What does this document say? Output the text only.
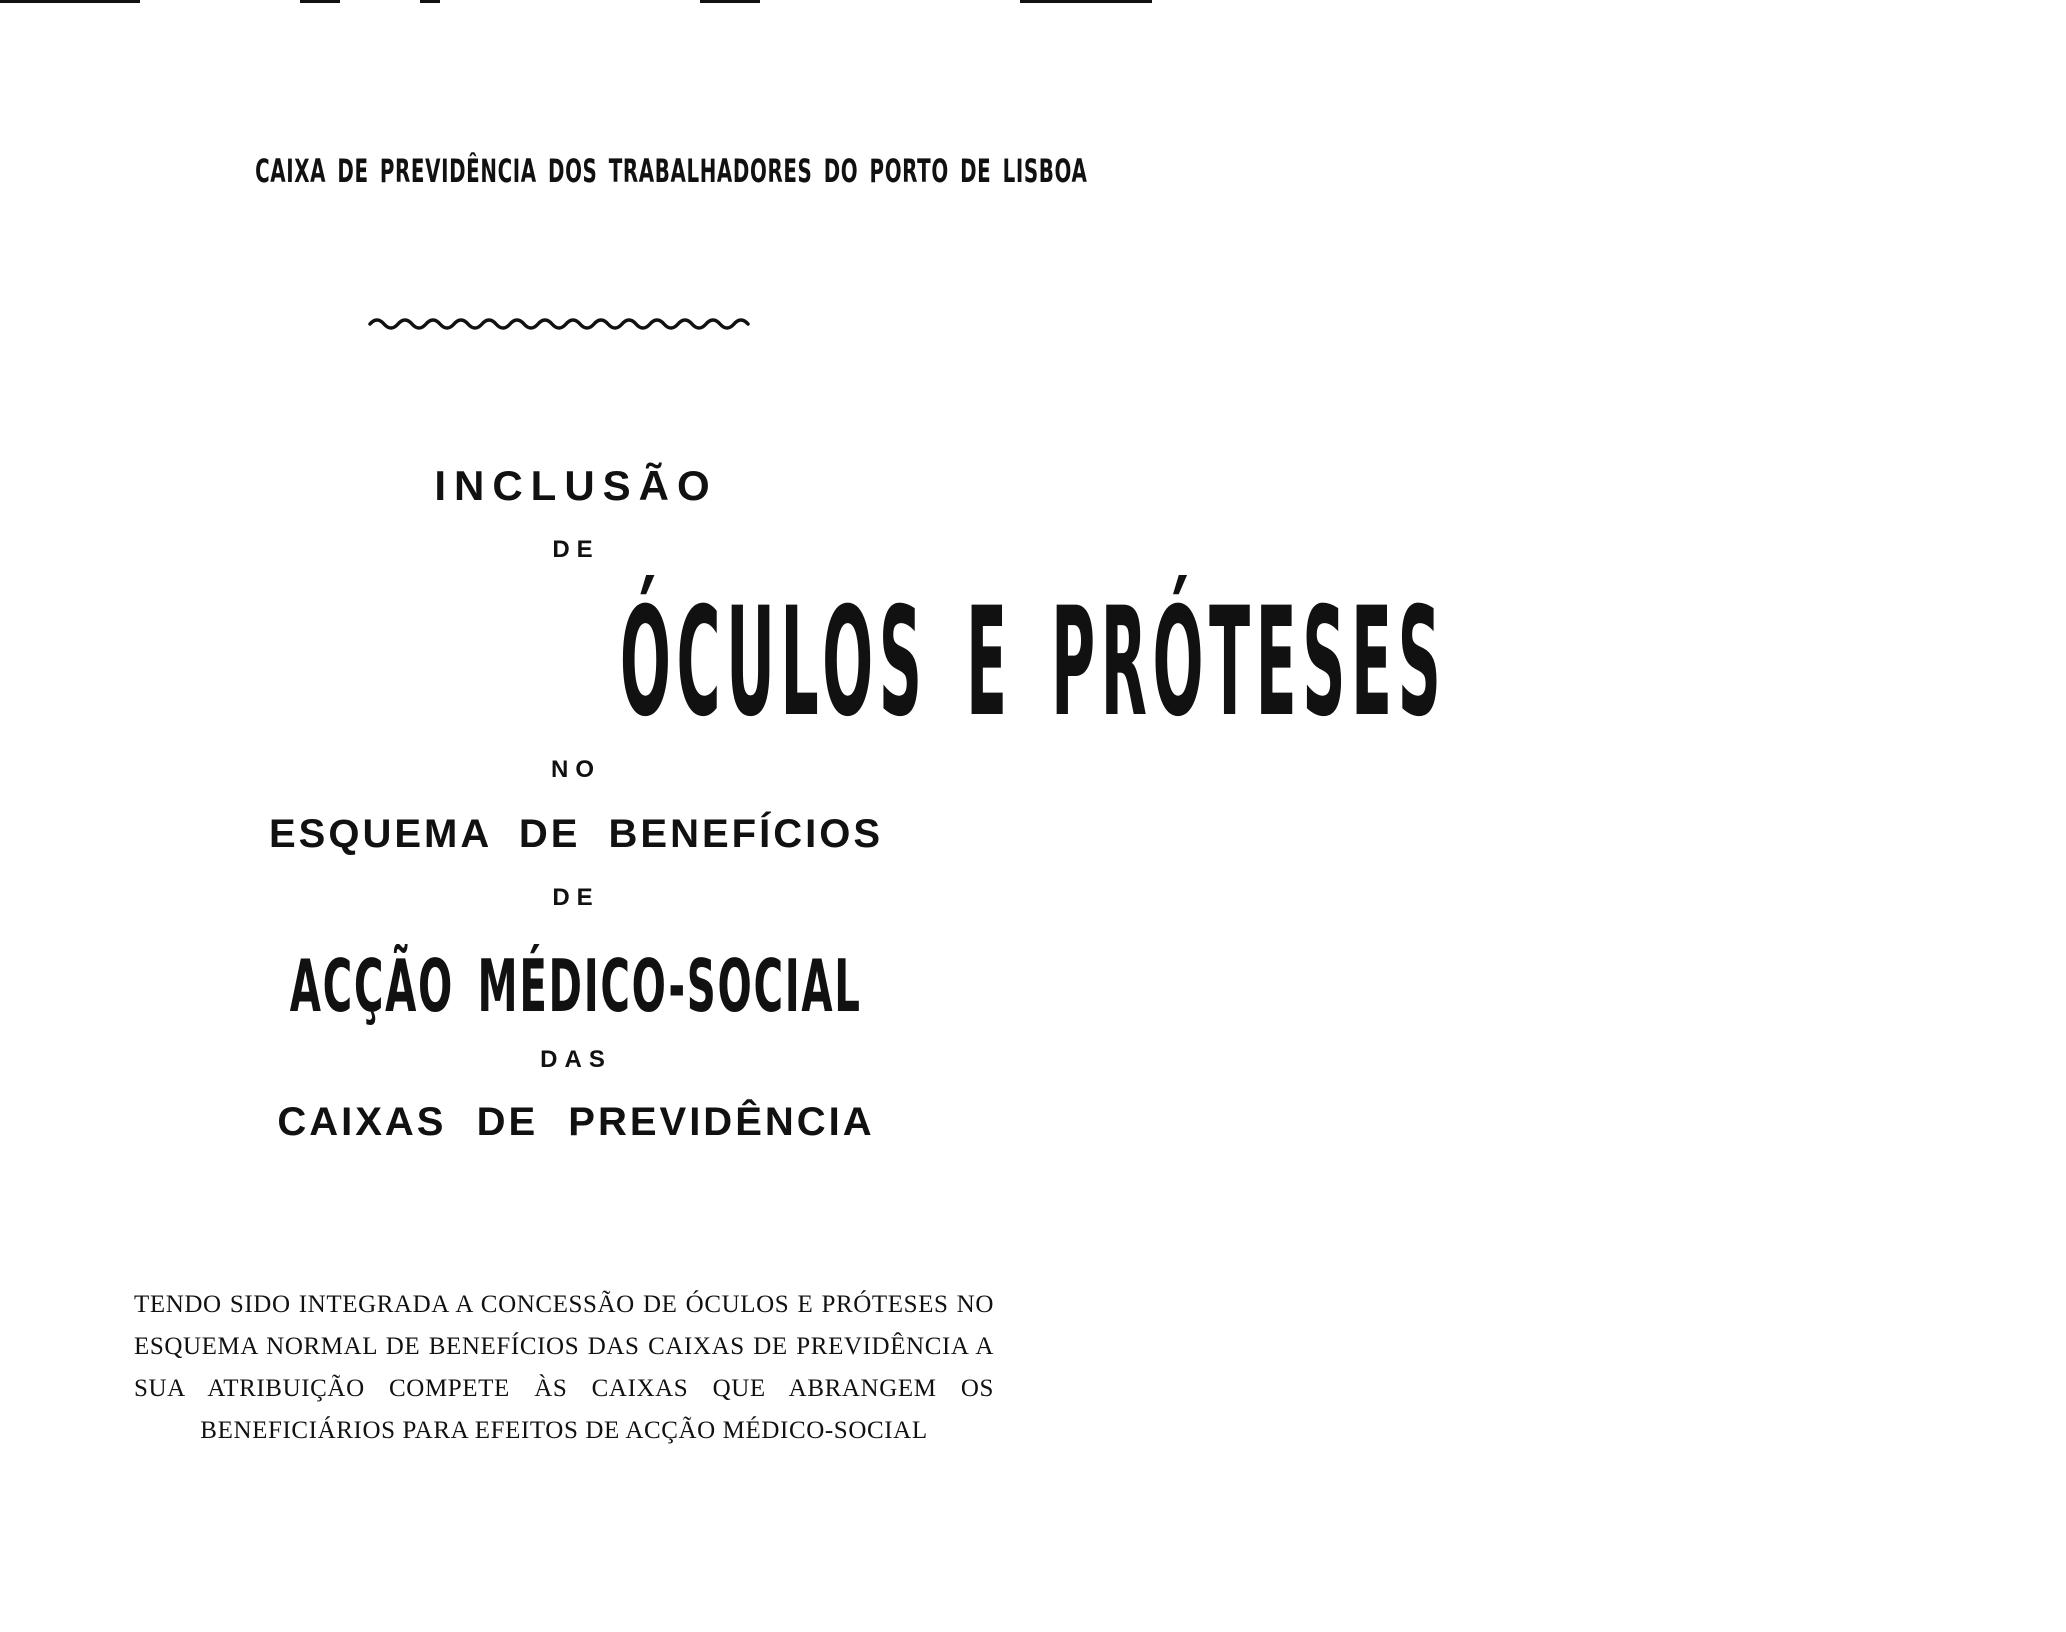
CAIXA DE PREVIDÊNCIA DOS TRABALHADORES DO PORTO DE LISBOA

INCLUSÃO

DE

ÓCULOS E PRÓTESES

NO

ESQUEMA DE BENEFÍCIOS

DE

ACÇÃO MÉDICO-SOCIAL

DAS

CAIXAS DE PREVIDÊNCIA

TENDO SIDO INTEGRADA A CONCESSÃO DE ÓCULOS E PRÓTESES NO ESQUEMA NORMAL DE BENEFÍCIOS DAS CAIXAS DE PREVIDÊNCIA A SUA ATRIBUIÇÃO COMPETE ÀS CAIXAS QUE ABRANGEM OS BENEFICIÁRIOS PARA EFEITOS DE ACÇÃO MÉDICO-SOCIAL
